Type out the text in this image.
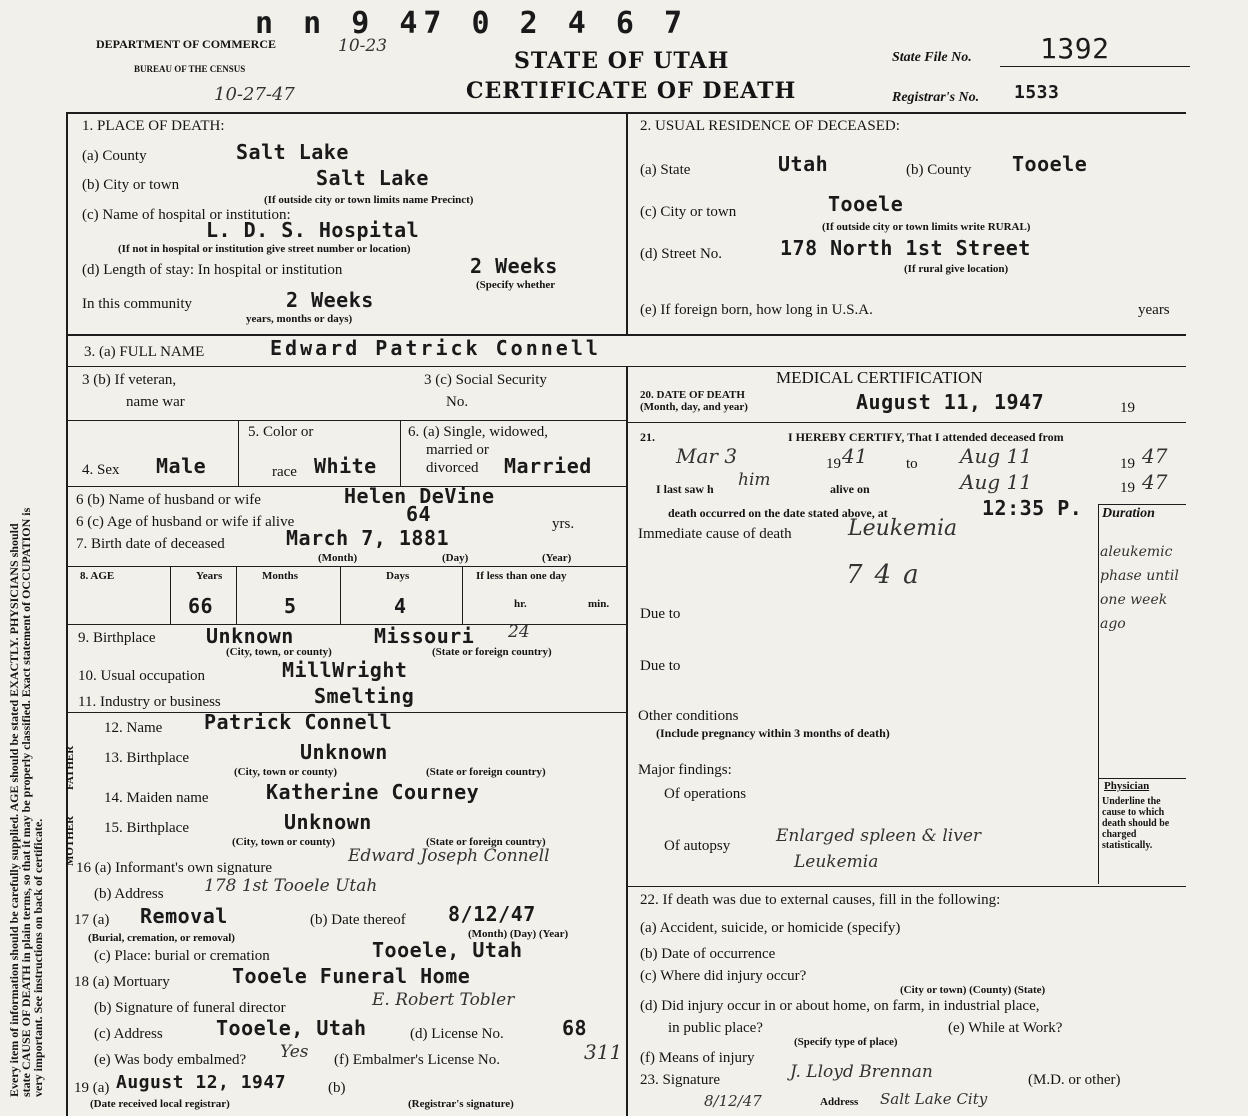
Every item of information should be carefully supplied. AGE should be stated EXACTLY. PHYSICIANS should
state CAUSE OF DEATH in plain terms, so that it may be properly classified. Exact statement of OCCUPATION is
very important. See instructions on back of certificate.
n n 9 47 0 2 4 6 7
DEPARTMENT OF COMMERCE
BUREAU OF THE CENSUS
10-23
10-27-47
STATE OF UTAH
CERTIFICATE OF DEATH
State File No. 1392
Registrar's No. 1533
1. PLACE OF DEATH:
(a) County	Salt Lake
(b) City or town	Salt Lake
(If outside city or town limits name Precinct)
(c) Name of hospital or institution:
L. D. S. Hospital
(If not in hospital or institution give street number or location)
(d) Length of stay: In hospital or institution	2 Weeks
(Specify whether
In this community	2 Weeks
years, months or days)
2. USUAL RESIDENCE OF DECEASED:
(a) State	Utah	(b) County Tooele
(c) City or town	Tooele
(If outside city or town limits write RURAL)
(d) Street No.	178 North 1st Street
(If rural give location)
(e) If foreign born, how long in U.S.A.	years
3. (a) FULL NAME	Edward Patrick Connell
3 (b) If veteran,
name war
3 (c) Social Security
No.
MEDICAL CERTIFICATION
20. DATE OF DEATH
(Month, day, and year)	August 11, 1947	19
5. Color or
4. Sex Male	race White
6. (a) Single, widowed,
married or
divorced Married
6 (b) Name of husband or wife	Helen DeVine
6 (c) Age of husband or wife if alive	64	yrs.
7. Birth date of deceased	March 7, 1881
(Month)	(Day)	(Year)
21.	I HEREBY CERTIFY, That I attended deceased from
Mar 3	19 41	to Aug 11	19 47
I last saw h him	alive on	Aug 11	19 47
death occurred on the date stated above, at	12:35 P. Duration
aleukemic phase until one week ago
Immediate cause of death	Leukemia
74a
8. AGE	Years	Months	Days	If less than one day
66	5	4	hr.	min.
Due to
9. Birthplace	Unknown	Missouri 24
(City, town, or county)	(State or foreign country)
10. Usual occupation	MillWright
11. Industry or business	Smelting
Due to
FATHER
MOTHER
12. Name Patrick Connell
13. Birthplace	Unknown
(City, town or county)	(State or foreign country)
14. Maiden name	Katherine Courney
15. Birthplace	Unknown
(City, town or county)	(State or foreign country)
Other conditions
(Include pregnancy within 3 months of death)
Major findings:
Of operations
Of autopsy	Enlarged spleen & liver
Leukemia
Physician
Underline the cause to which death should be charged statistically.
16 (a) Informant's own signature
Edward Joseph Connell
(b) Address 178 1st Tooele Utah
17 (a) Removal
(Burial, cremation, or removal)
(b) Date thereof 8/12/47
(Month) (Day) (Year)
(c) Place: burial or cremation	Tooele, Utah
18 (a) Mortuary	Tooele Funeral Home
(b) Signature of funeral director	E. Robert Tobler
(c) Address	Tooele, Utah	(d) License No.	68
(e) Was body embalmed? Yes (f) Embalmer's License No.	311
19 (a) August 12, 1947
(Date received local registrar)
(b)
(Registrar's signature)
22. If death was due to external causes, fill in the following:
(a) Accident, suicide, or homicide (specify)
(b) Date of occurrence
(c) Where did injury occur?
(City or town) (County) (State)
(d) Did injury occur in or about home, on farm, in industrial place,
in public place?	(e) While at Work?
(Specify type of place)
(f) Means of injury
23. Signature	J. Lloyd Brennan	(M.D. or other)
8/12/47	Address Salt Lake City
